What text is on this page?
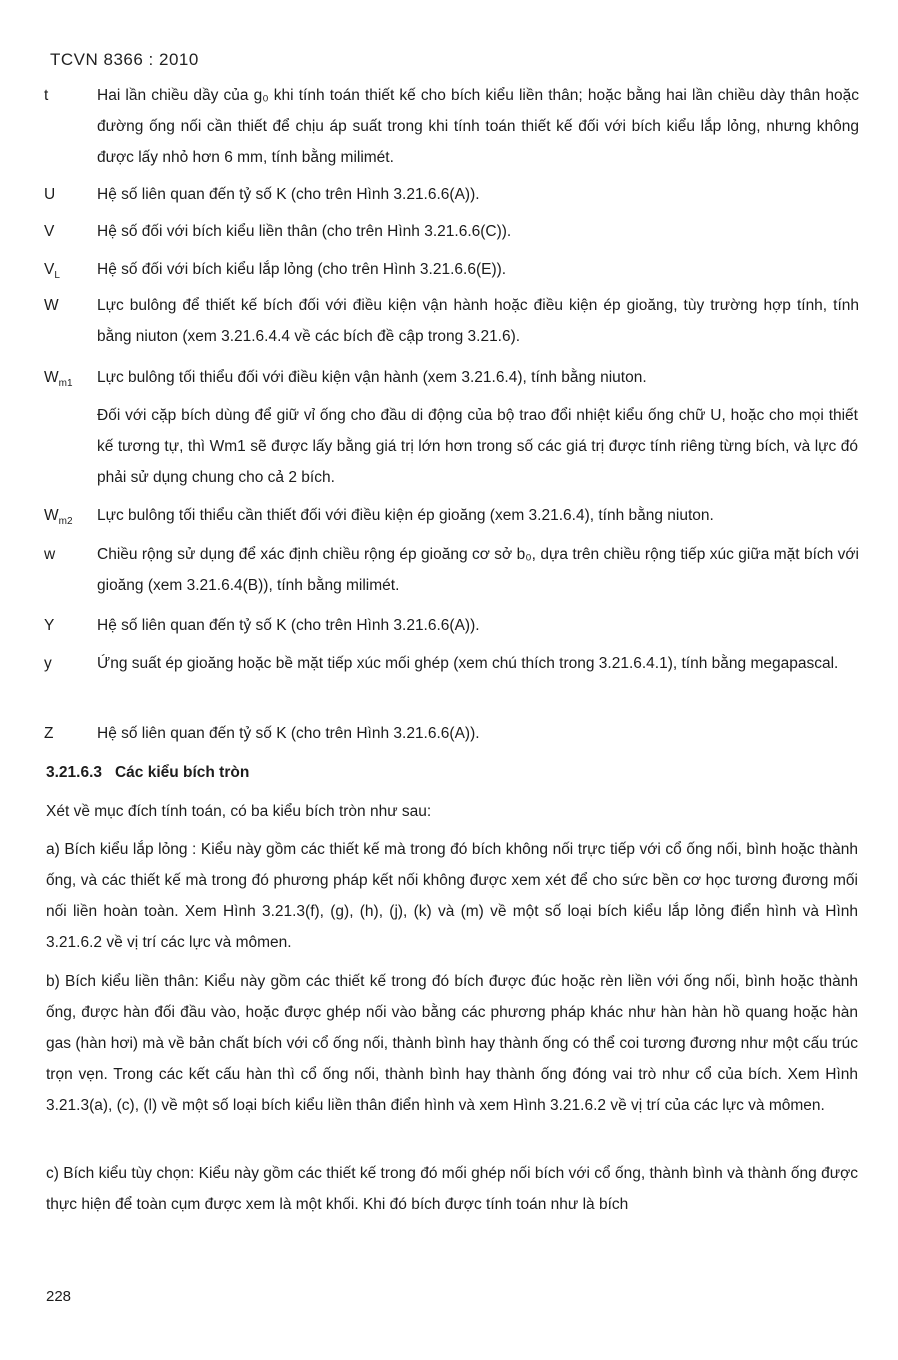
TCVN 8366 : 2010
t	Hai lần chiều dầy của g₀ khi tính toán thiết kế cho bích kiểu liền thân; hoặc bằng hai lần chiều dày thân hoặc đường ống nối cần thiết để chịu áp suất trong khi tính toán thiết kế đối với bích kiểu lắp lỏng, nhưng không được lấy nhỏ hơn 6 mm, tính bằng milimét.
U	Hệ số liên quan đến tỷ số K (cho trên Hình 3.21.6.6(A)).
V	Hệ số đối với bích kiểu liền thân (cho trên Hình 3.21.6.6(C)).
$V_L$	Hệ số đối với bích kiểu lắp lỏng (cho trên Hình 3.21.6.6(E)).
W	Lực bulông để thiết kế bích đối với điều kiện vận hành hoặc điều kiện ép gioăng, tùy trường hợp tính, tính bằng niuton (xem 3.21.6.4.4 về các bích đề cập trong 3.21.6).
$W_{m1}$	Lực bulông tối thiểu đối với điều kiện vận hành (xem 3.21.6.4), tính bằng niuton.
Đối với cặp bích dùng để giữ vỉ ống cho đầu di động của bộ trao đổi nhiệt kiểu ống chữ U, hoặc cho mọi thiết kế tương tự, thì Wm1 sẽ được lấy bằng giá trị lớn hơn trong số các giá trị được tính riêng từng bích, và lực đó phải sử dụng chung cho cả 2 bích.
$W_{m2}$	Lực bulông tối thiểu cần thiết đối với điều kiện ép gioăng (xem 3.21.6.4), tính bằng niuton.
w	Chiều rộng sử dụng để xác định chiều rộng ép gioăng cơ sở b₀, dựa trên chiều rộng tiếp xúc giữa mặt bích với gioăng (xem 3.21.6.4(B)), tính bằng milimét.
Y	Hệ số liên quan đến tỷ số K (cho trên Hình 3.21.6.6(A)).
y	Ứng suất ép gioăng hoặc bề mặt tiếp xúc mối ghép (xem chú thích trong 3.21.6.4.1), tính bằng megapascal.
Z	Hệ số liên quan đến tỷ số K (cho trên Hình 3.21.6.6(A)).
3.21.6.3 Các kiểu bích tròn
Xét về mục đích tính toán, có ba kiểu bích tròn như sau:
a) Bích kiểu lắp lỏng : Kiểu này gồm các thiết kế mà trong đó bích không nối trực tiếp với cổ ống nối, bình hoặc thành ống, và các thiết kế mà trong đó phương pháp kết nối không được xem xét để cho sức bền cơ học tương đương mối nối liền hoàn toàn. Xem Hình 3.21.3(f), (g), (h), (j), (k) và (m) về một số loại bích kiểu lắp lỏng điển hình và Hình 3.21.6.2 về vị trí các lực và mômen.
b) Bích kiểu liền thân: Kiểu này gồm các thiết kế trong đó bích được đúc hoặc rèn liền với ống nối, bình hoặc thành ống, được hàn đối đầu vào, hoặc được ghép nối vào bằng các phương pháp khác như hàn hàn hồ quang hoặc hàn gas (hàn hơi) mà về bản chất bích với cổ ống nối, thành bình hay thành ống có thể coi tương đương như một cấu trúc trọn vẹn. Trong các kết cấu hàn thì cổ ống nối, thành bình hay thành ống đóng vai trò như cổ của bích. Xem Hình 3.21.3(a), (c), (l) về một số loại bích kiểu liền thân điển hình và xem Hình 3.21.6.2 về vị trí của các lực và mômen.
c) Bích kiểu tùy chọn: Kiểu này gồm các thiết kế trong đó mối ghép nối bích với cổ ống, thành bình và thành ống được thực hiện để toàn cụm được xem là một khối. Khi đó bích được tính toán như là bích
228
